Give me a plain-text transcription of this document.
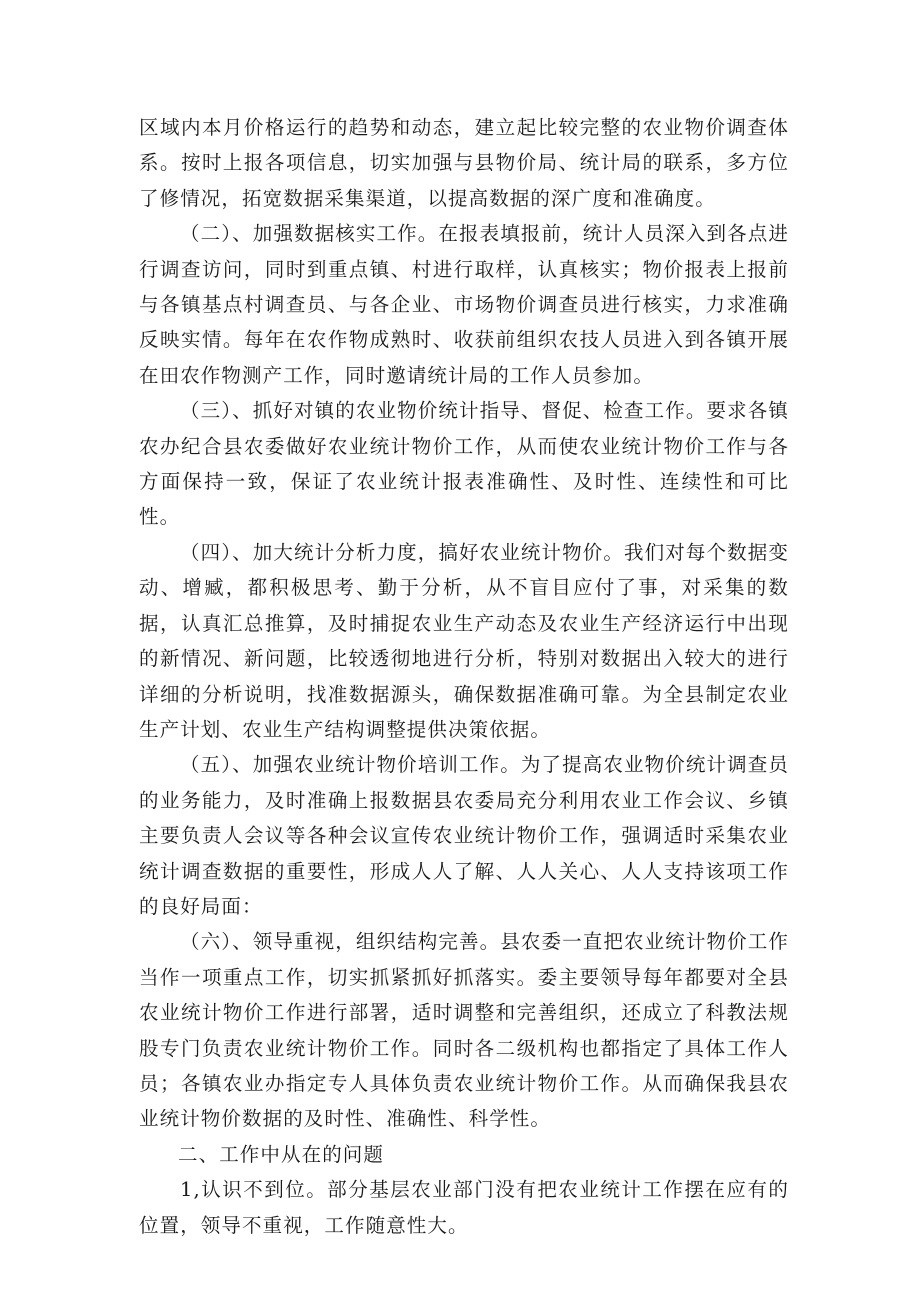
区域内本月价格运行的趋势和动态，建立起比较完整的农业物价调查体系。按时上报各项信息，切实加强与县物价局、统计局的联系，多方位了修情况，拓宽数据采集渠道，以提高数据的深广度和准确度。

（二）、加强数据核实工作。在报表填报前，统计人员深入到各点进行调查访问，同时到重点镇、村进行取样，认真核实；物价报表上报前与各镇基点村调查员、与各企业、市场物价调查员进行核实，力求准确反映实情。每年在农作物成熟时、收获前组织农技人员进入到各镇开展在田农作物测产工作，同时邀请统计局的工作人员参加。

（三）、抓好对镇的农业物价统计指导、督促、检查工作。要求各镇农办纪合县农委做好农业统计物价工作，从而使农业统计物价工作与各方面保持一致，保证了农业统计报表准确性、及时性、连续性和可比性。

（四）、加大统计分析力度，搞好农业统计物价。我们对每个数据变动、增臧，都积极思考、勤于分析，从不盲目应付了事，对采集的数据，认真汇总推算，及时捕捉农业生产动态及农业生产经济运行中出现的新情况、新问题，比较透彻地进行分析，特别对数据出入较大的进行详细的分析说明，找准数据源头，确保数据准确可靠。为全县制定农业生产计划、农业生产结构调整提供决策依据。

（五）、加强农业统计物价培训工作。为了提高农业物价统计调查员的业务能力，及时准确上报数据县农委局充分利用农业工作会议、乡镇主要负责人会议等各种会议宣传农业统计物价工作，强调适时采集农业统计调查数据的重要性，形成人人了解、人人关心、人人支持该项工作的良好局面：

（六）、领导重视，组织结构完善。县农委一直把农业统计物价工作当作一项重点工作，切实抓紧抓好抓落实。委主要领导每年都要对全县农业统计物价工作进行部署，适时调整和完善组织，还成立了科教法规股专门负责农业统计物价工作。同时各二级机构也都指定了具体工作人员；各镇农业办指定专人具体负责农业统计物价工作。从而确保我县农业统计物价数据的及时性、准确性、科学性。

二、工作中从在的问题

1,认识不到位。部分基层农业部门没有把农业统计工作摆在应有的位置，领导不重视，工作随意性大。
